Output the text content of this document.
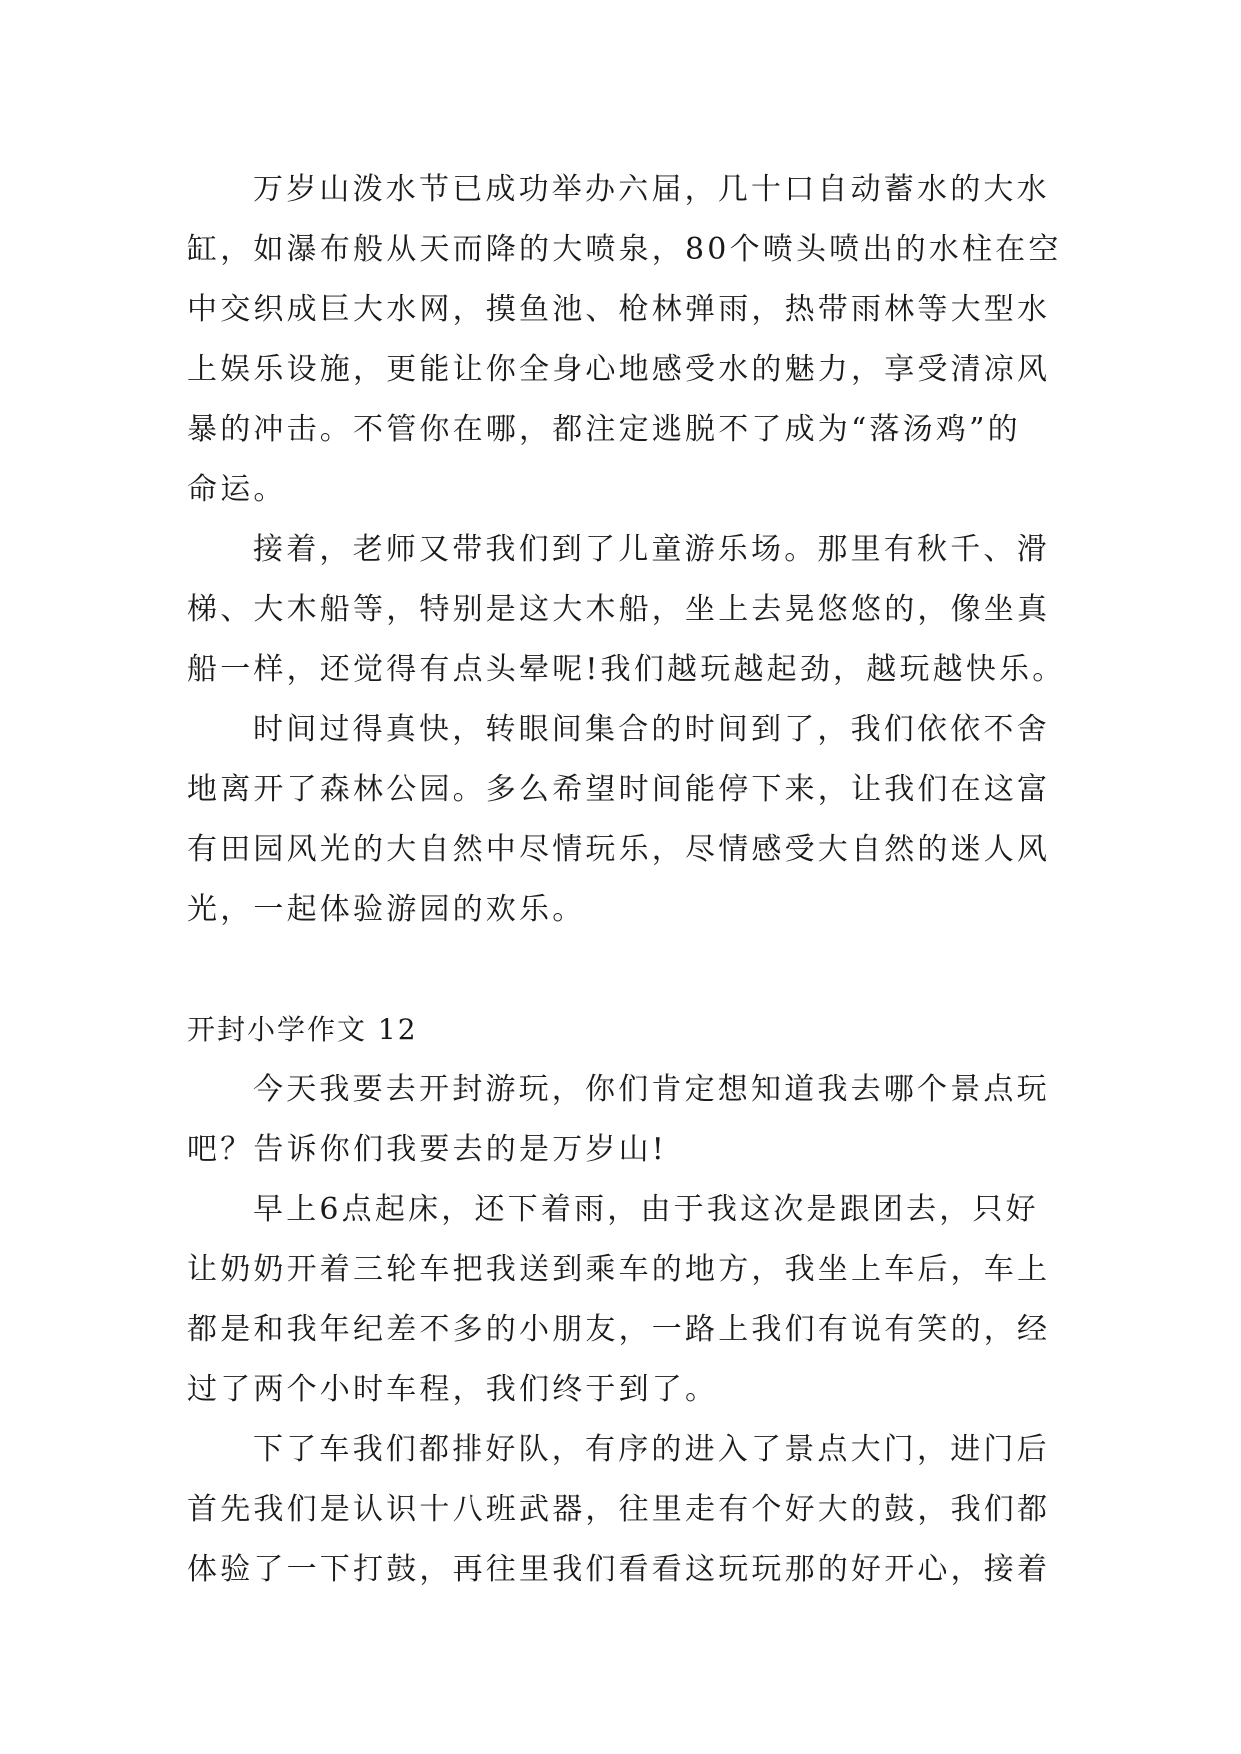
万岁山泼水节已成功举办六届，几十口自动蓄水的大水
缸，如瀑布般从天而降的大喷泉，80个喷头喷出的水柱在空
中交织成巨大水网，摸鱼池、枪林弹雨，热带雨林等大型水
上娱乐设施，更能让你全身心地感受水的魅力，享受清凉风
暴的冲击。不管你在哪，都注定逃脱不了成为“落汤鸡”的
命运。
接着，老师又带我们到了儿童游乐场。那里有秋千、滑
梯、大木船等，特别是这大木船，坐上去晃悠悠的，像坐真
船一样，还觉得有点头晕呢!我们越玩越起劲，越玩越快乐。
时间过得真快，转眼间集合的时间到了，我们依依不舍
地离开了森林公园。多么希望时间能停下来，让我们在这富
有田园风光的大自然中尽情玩乐，尽情感受大自然的迷人风
光，一起体验游园的欢乐。
开封小学作文 12
今天我要去开封游玩，你们肯定想知道我去哪个景点玩
吧？告诉你们我要去的是万岁山!
早上6点起床，还下着雨，由于我这次是跟团去，只好
让奶奶开着三轮车把我送到乘车的地方，我坐上车后，车上
都是和我年纪差不多的小朋友，一路上我们有说有笑的，经
过了两个小时车程，我们终于到了。
下了车我们都排好队，有序的进入了景点大门，进门后
首先我们是认识十八班武器，往里走有个好大的鼓，我们都
体验了一下打鼓，再往里我们看看这玩玩那的好开心，接着
